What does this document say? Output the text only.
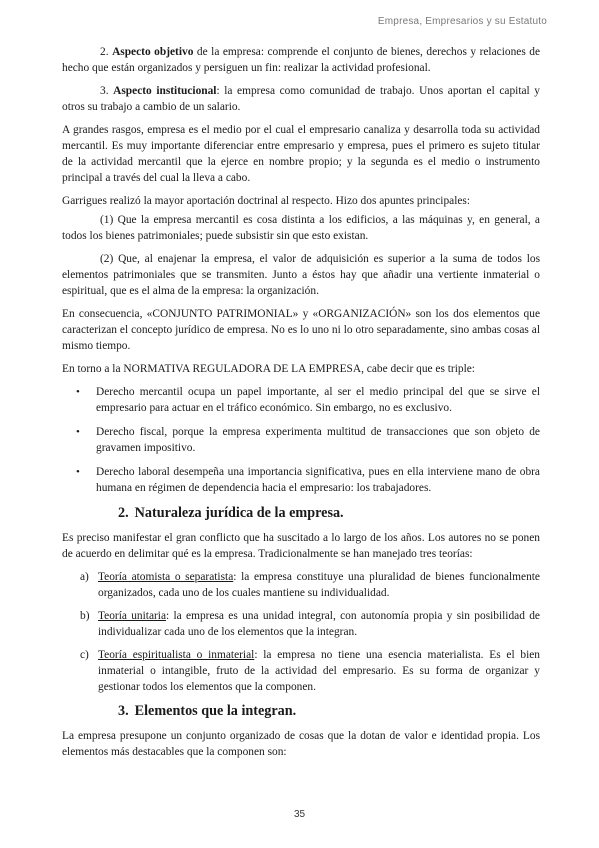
Empresa, Empresarios y su Estatuto

2. Aspecto objetivo de la empresa: comprende el conjunto de bienes, derechos y relaciones de hecho que están organizados y persiguen un fin: realizar la actividad profesional.

3. Aspecto institucional: la empresa como comunidad de trabajo. Unos aportan el capital y otros su trabajo a cambio de un salario.

A grandes rasgos, empresa es el medio por el cual el empresario canaliza y desarrolla toda su actividad mercantil. Es muy importante diferenciar entre empresario y empresa, pues el primero es sujeto titular de la actividad mercantil que la ejerce en nombre propio; y la segunda es el medio o instrumento principal a través del cual la lleva a cabo.

Garrigues realizó la mayor aportación doctrinal al respecto. Hizo dos apuntes principales:

(1) Que la empresa mercantil es cosa distinta a los edificios, a las máquinas y, en general, a todos los bienes patrimoniales; puede subsistir sin que esto existan.

(2) Que, al enajenar la empresa, el valor de adquisición es superior a la suma de todos los elementos patrimoniales que se transmiten. Junto a éstos hay que añadir una vertiente inmaterial o espiritual, que es el alma de la empresa: la organización.

En consecuencia, «CONJUNTO PATRIMONIAL» y «ORGANIZACIÓN» son los dos elementos que caracterizan el concepto jurídico de empresa. No es lo uno ni lo otro separadamente, sino ambas cosas al mismo tiempo.

En torno a la NORMATIVA REGULADORA DE LA EMPRESA, cabe decir que es triple:

• Derecho mercantil ocupa un papel importante, al ser el medio principal del que se sirve el empresario para actuar en el tráfico económico. Sin embargo, no es exclusivo.
• Derecho fiscal, porque la empresa experimenta multitud de transacciones que son objeto de gravamen impositivo.
• Derecho laboral desempeña una importancia significativa, pues en ella interviene mano de obra humana en régimen de dependencia hacia el empresario: los trabajadores.
2. Naturaleza jurídica de la empresa.

Es preciso manifestar el gran conflicto que ha suscitado a lo largo de los años. Los autores no se ponen de acuerdo en delimitar qué es la empresa. Tradicionalmente se han manejado tres teorías:

a) Teoría atomista o separatista: la empresa constituye una pluralidad de bienes funcionalmente organizados, cada uno de los cuales mantiene su individualidad.
b) Teoría unitaria: la empresa es una unidad integral, con autonomía propia y sin posibilidad de individualizar cada uno de los elementos que la integran.
c) Teoría espiritualista o inmaterial: la empresa no tiene una esencia materialista. Es el bien inmaterial o intangible, fruto de la actividad del empresario. Es su forma de organizar y gestionar todos los elementos que la componen.
3. Elementos que la integran.

La empresa presupone un conjunto organizado de cosas que la dotan de valor e identidad propia. Los elementos más destacables que la componen son:

35
